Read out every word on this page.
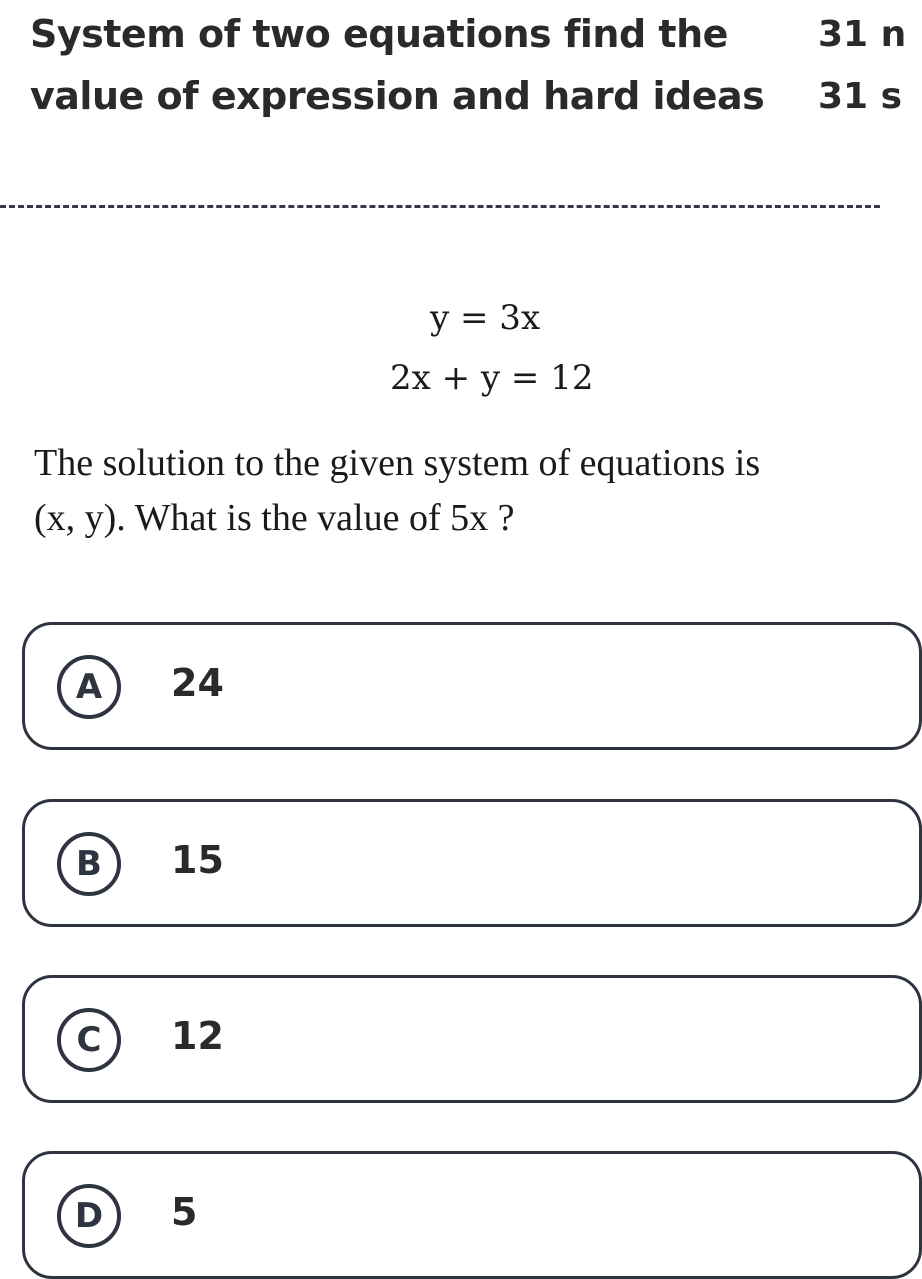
System of two equations find the
value of expression and hard ideas
31 n
31 s
y = 3x
2x + y = 12
The solution to the given system of equations is
(x, y). What is the value of 5x ?
A	24
B	15
C	12
D	5
